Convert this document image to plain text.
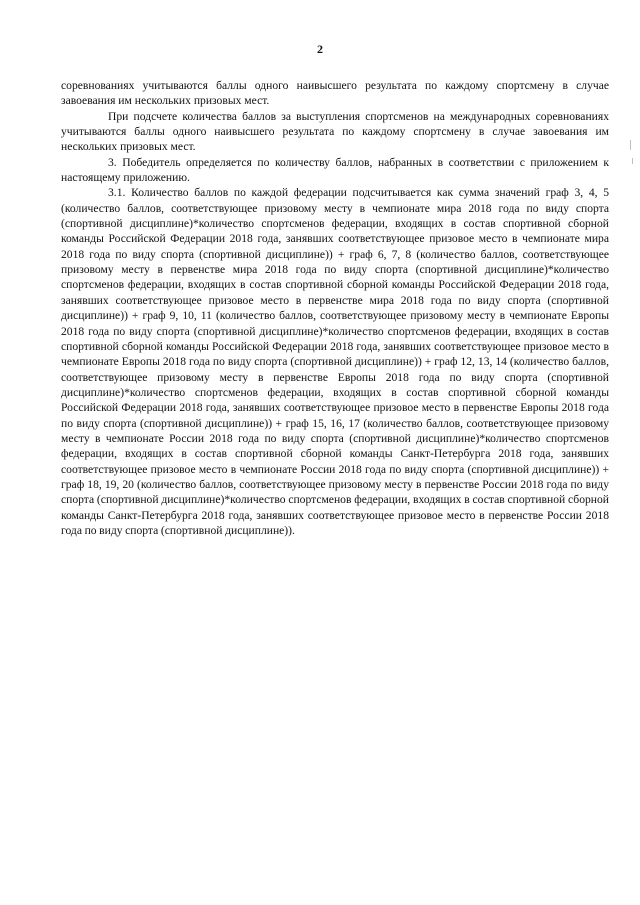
2

соревнованиях учитываются баллы одного наивысшего результата по каждому спортсмену в случае завоевания им нескольких призовых мест.

При подсчете количества баллов за выступления спортсменов на международных соревнованиях учитываются баллы одного наивысшего результата по каждому спортсмену в случае завоевания им нескольких призовых мест.

3. Победитель определяется по количеству баллов, набранных в соответствии с приложением к настоящему приложению.

3.1. Количество баллов по каждой федерации подсчитывается как сумма значений граф 3, 4, 5 (количество баллов, соответствующее призовому месту в чемпионате мира 2018 года по виду спорта (спортивной дисциплине)*количество спортсменов федерации, входящих в состав спортивной сборной команды Российской Федерации 2018 года, занявших соответствующее призовое место в чемпионате мира 2018 года по виду спорта (спортивной дисциплине)) + граф 6, 7, 8 (количество баллов, соответствующее призовому месту в первенстве мира 2018 года по виду спорта (спортивной дисциплине)*количество спортсменов федерации, входящих в состав спортивной сборной команды Российской Федерации 2018 года, занявших соответствующее призовое место в первенстве мира 2018 года по виду спорта (спортивной дисциплине)) + граф 9, 10, 11 (количество баллов, соответствующее призовому месту в чемпионате Европы 2018 года по виду спорта (спортивной дисциплине)*количество спортсменов федерации, входящих в состав спортивной сборной команды Российской Федерации 2018 года, занявших соответствующее призовое место в чемпионате Европы 2018 года по виду спорта (спортивной дисциплине)) + граф 12, 13, 14 (количество баллов, соответствующее призовому месту в первенстве Европы 2018 года по виду спорта (спортивной дисциплине)*количество спортсменов федерации, входящих в состав спортивной сборной команды Российской Федерации 2018 года, занявших соответствующее призовое место в первенстве Европы 2018 года по виду спорта (спортивной дисциплине)) + граф 15, 16, 17 (количество баллов, соответствующее призовому месту в чемпионате России 2018 года по виду спорта (спортивной дисциплине)*количество спортсменов федерации, входящих в состав спортивной сборной команды Санкт-Петербурга 2018 года, занявших соответствующее призовое место в чемпионате России 2018 года по виду спорта (спортивной дисциплине)) + граф 18, 19, 20 (количество баллов, соответствующее призовому месту в первенстве России 2018 года по виду спорта (спортивной дисциплине)*количество спортсменов федерации, входящих в состав спортивной сборной команды Санкт-Петербурга 2018 года, занявших соответствующее призовое место в первенстве России 2018 года по виду спорта (спортивной дисциплине)).
